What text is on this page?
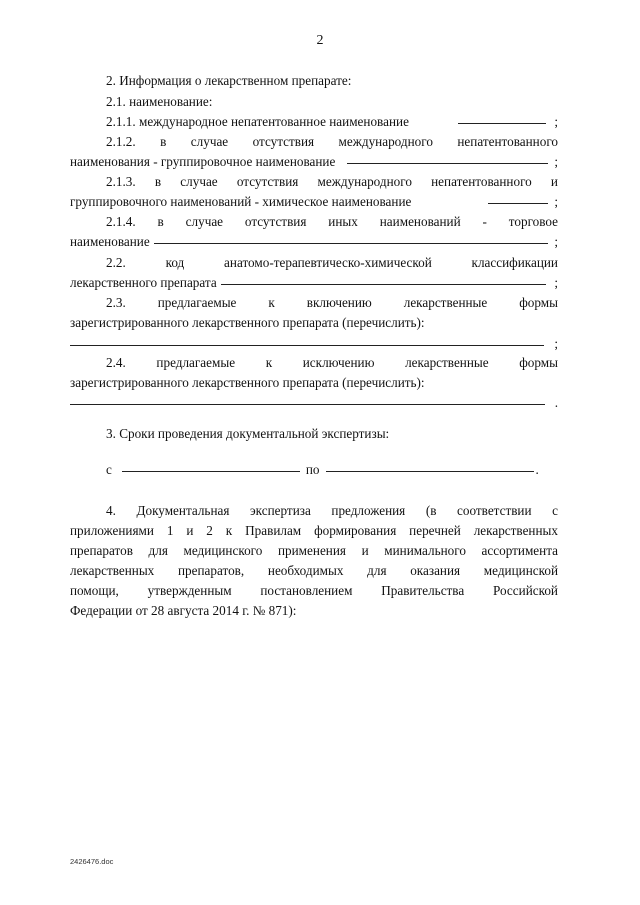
2
2. Информация о лекарственном препарате:
2.1. наименование:
2.1.1. международное непатентованное наименование	;
2.1.2. в случае отсутствия международного непатентованного
наименования - группировочное наименование	;
2.1.3. в случае отсутствия международного непатентованного и
группировочного наименований - химическое наименование	;
2.1.4. в случае отсутствия иных наименований - торговое
наименование	;
2.2. код анатомо-терапевтическо-химической классификации
лекарственного препарата	;
2.3. предлагаемые к включению лекарственные формы
зарегистрированного лекарственного препарата (перечислить):
;
2.4. предлагаемые к исключению лекарственные формы
зарегистрированного лекарственного препарата (перечислить):
.
3. Сроки проведения документальной экспертизы:
с	по	.
4. Документальная экспертиза предложения (в соответствии с
приложениями 1 и 2 к Правилам формирования перечней лекарственных
препаратов для медицинского применения и минимального ассортимента
лекарственных препаратов, необходимых для оказания медицинской
помощи, утвержденным постановлением Правительства Российской
Федерации от 28 августа 2014 г. № 871):
2426476.doc
